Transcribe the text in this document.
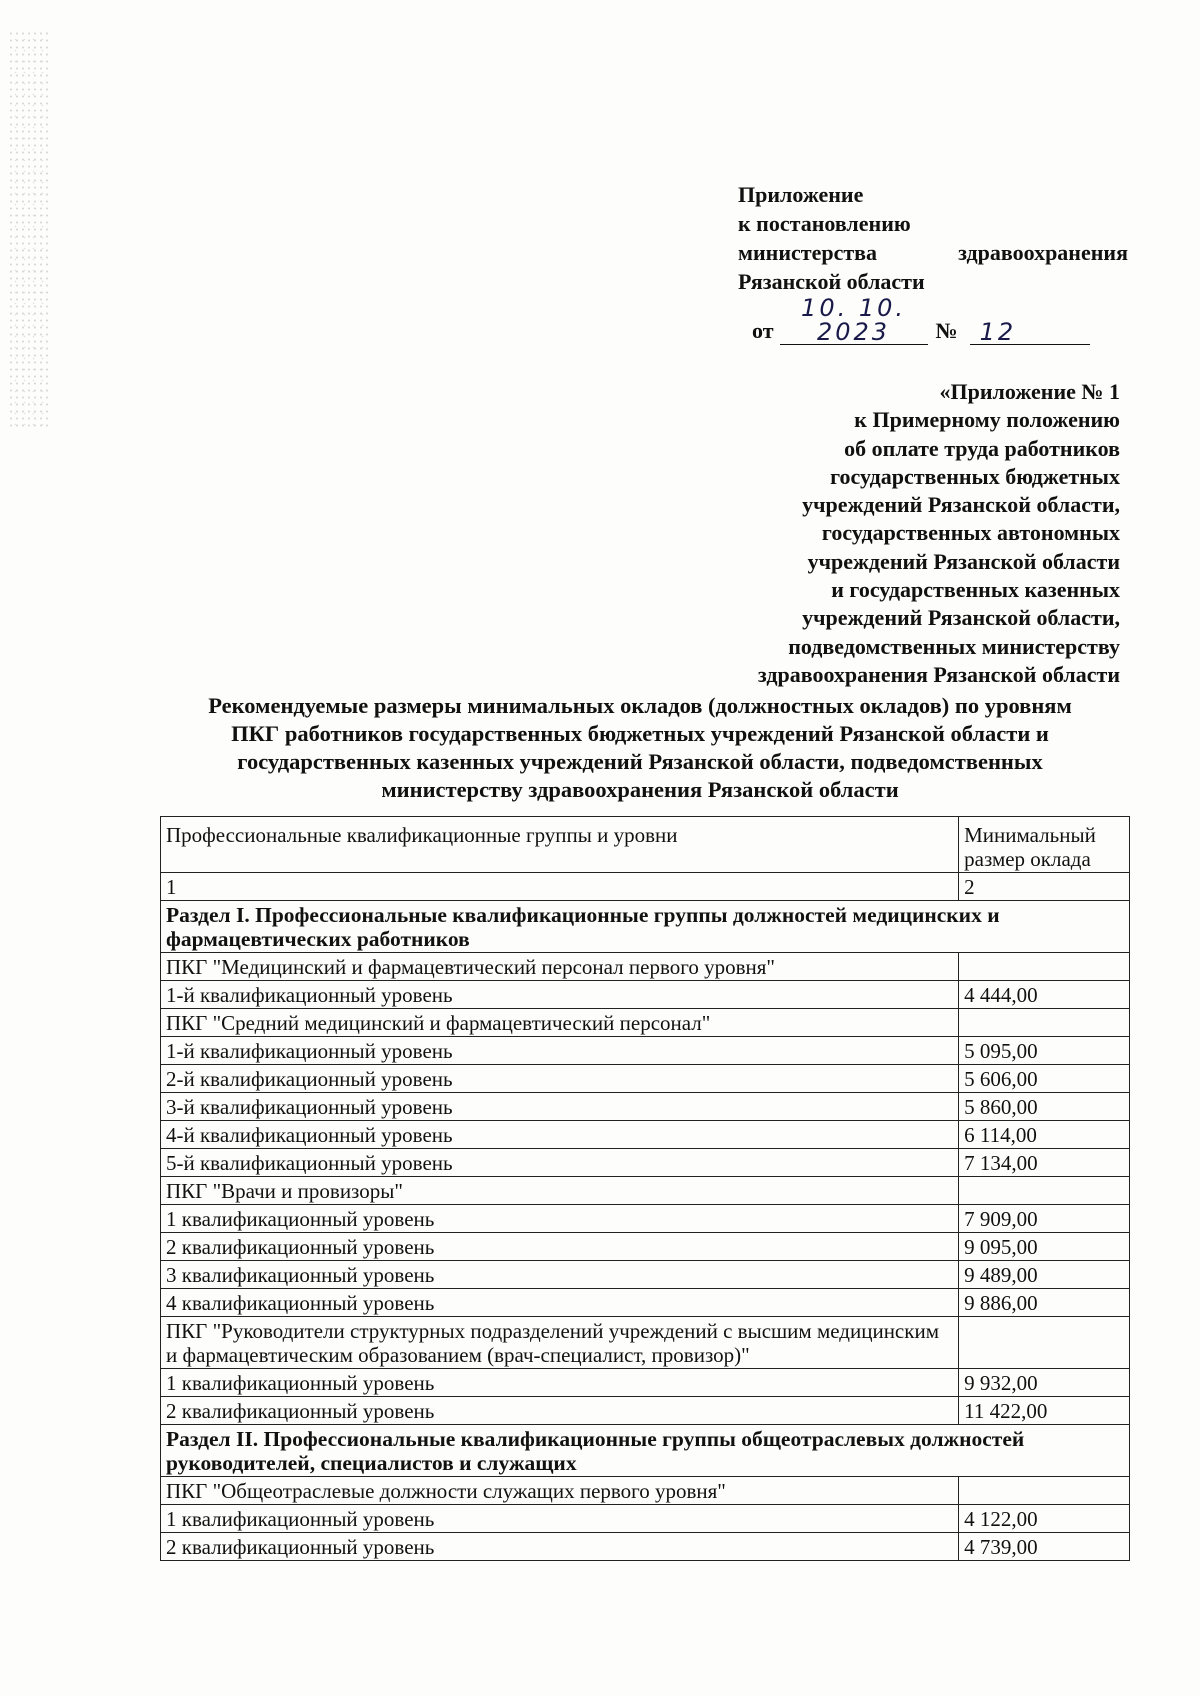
Приложение
к постановлению
министерства	здравоохранения
Рязанской области
от
10. 10. 2023	№ 12
«Приложение № 1
к Примерному положению
об оплате труда работников
государственных бюджетных
учреждений Рязанской области,
государственных автономных
учреждений Рязанской области
и государственных казенных
учреждений Рязанской области,
подведомственных министерству
здравоохранения Рязанской области
Рекомендуемые размеры минимальных окладов (должностных окладов) по уровням
ПКГ работников государственных бюджетных учреждений Рязанской области и
государственных казенных учреждений Рязанской области, подведомственных
министерству здравоохранения Рязанской области
Профессиональные квалификационные группы и уровни	Минимальный размер оклада
1	2
Раздел I. Профессиональные квалификационные группы должностей медицинских и фармацевтических работников	
ПКГ "Медицинский и фармацевтический персонал первого уровня"	
1-й квалификационный уровень	4 444,00
ПКГ "Средний медицинский и фармацевтический персонал"	
1-й квалификационный уровень	5 095,00
2-й квалификационный уровень	5 606,00
3-й квалификационный уровень	5 860,00
4-й квалификационный уровень	6 114,00
5-й квалификационный уровень	7 134,00
ПКГ "Врачи и провизоры"	
1 квалификационный уровень	7 909,00
2 квалификационный уровень	9 095,00
3 квалификационный уровень	9 489,00
4 квалификационный уровень	9 886,00
ПКГ "Руководители структурных подразделений учреждений с высшим медицинским и фармацевтическим образованием (врач-специалист, провизор)"	
1 квалификационный уровень	9 932,00
2 квалификационный уровень	11 422,00
Раздел II. Профессиональные квалификационные группы общеотраслевых должностей руководителей, специалистов и служащих	
ПКГ "Общеотраслевые должности служащих первого уровня"	
1 квалификационный уровень	4 122,00
2 квалификационный уровень	4 739,00
